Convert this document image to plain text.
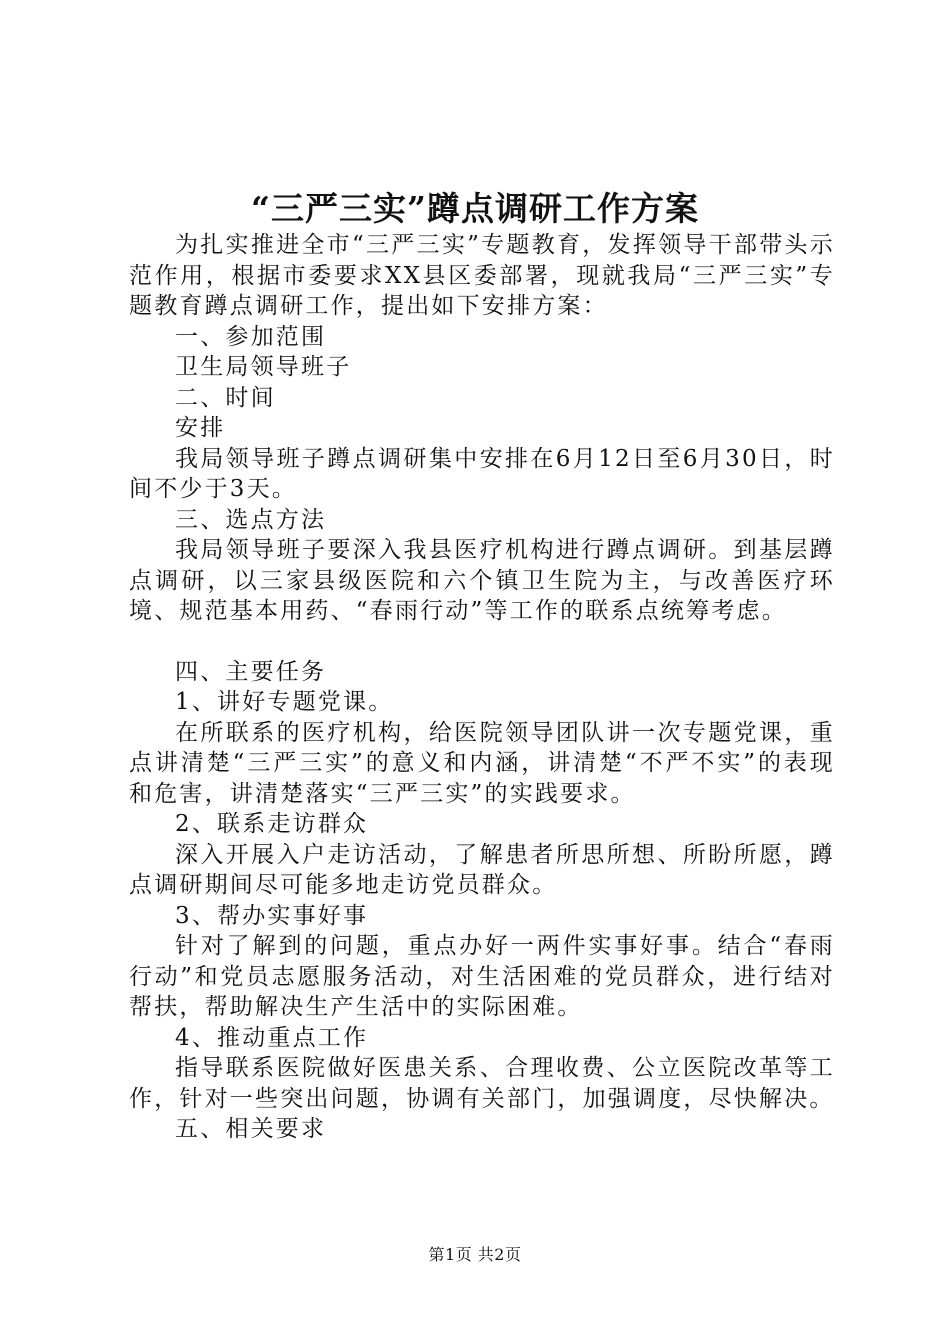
“三严三实”蹲点调研工作方案

为扎实推进全市“三严三实”专题教育，发挥领导干部带头示范作用，根据市委要求XX县区委部署，现就我局“三严三实”专题教育蹲点调研工作，提出如下安排方案：

一、参加范围

卫生局领导班子

二、时间

安排

我局领导班子蹲点调研集中安排在6月12日至6月30日，时间不少于3天。

三、选点方法

我局领导班子要深入我县医疗机构进行蹲点调研。到基层蹲点调研，以三家县级医院和六个镇卫生院为主，与改善医疗环境、规范基本用药、“春雨行动”等工作的联系点统筹考虑。

四、主要任务

1、讲好专题党课。

在所联系的医疗机构，给医院领导团队讲一次专题党课，重点讲清楚“三严三实”的意义和内涵，讲清楚“不严不实”的表现和危害，讲清楚落实“三严三实”的实践要求。

2、联系走访群众

深入开展入户走访活动，了解患者所思所想、所盼所愿，蹲点调研期间尽可能多地走访党员群众。

3、帮办实事好事

针对了解到的问题，重点办好一两件实事好事。结合“春雨行动”和党员志愿服务活动，对生活困难的党员群众，进行结对帮扶，帮助解决生产生活中的实际困难。

4、推动重点工作

指导联系医院做好医患关系、合理收费、公立医院改革等工作，针对一些突出问题，协调有关部门，加强调度，尽快解决。

五、相关要求

第1页 共2页
